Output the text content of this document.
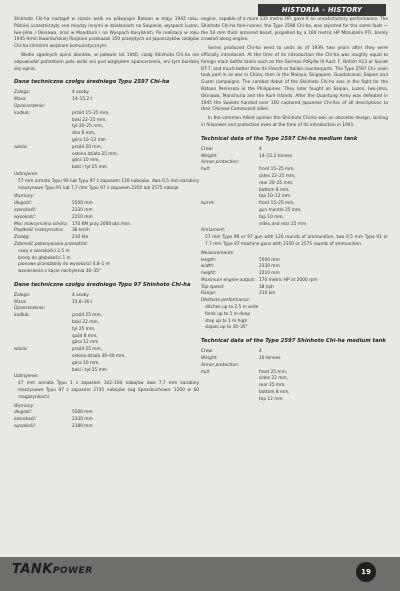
HISTORIA - HISTORY

Shinhoto Chi-ha nastąpił w czasie walk na półwyspie Bataan w maju 1942 roku. Później uczestniczyły one między innymi w działaniach na Saipanie, wyspach Luzon, Iwo-Jima i Okinawa, oraz w Mandżurii i na Wyspach Kurylskich. Po realizacji w roku 1945 Armii Kwantuńskiej Rosjanie przekazali 350 przejętych od Japończyków czołgów Chi-ha chińskim wojskom komunistycznym.

Wedle zgodnych opinii ałantów, w połowie lat 1940, czołg Shinhoto Chi-ha nie odpowiadał potrzebom pola walki ani pod względem opancerzenia, ani tym bardziej siły ognia.

Dane techniczne czołgu średniego Typu 2597 Chi-ha
Załoga:	4 osoby
Masa:	14–15,2 t
Opancerzenie:
kadłub:	przód 15–25 mm,
boki 22–25 mm,
tył 20–25 mm,
dno 8 mm,
góra 10–12 mm
wieża:	przód 20 mm,
osłona działa 25 mm,
góra 10 mm,
boki i tył 25 mm
Uzbrojenie:

57 mm armata Typu 90 lub Typu 97 z zapasem 120 nabojów, dwa 6,5 mm karabiny maszynowe Typu 91 lub 7,7 mm Typu 97 z zapasem 2350 lub 2575 naboje

Wymiary:
długość:	5500 mm
szerokość:	2330 mm
wysokość:	2210 mm
Moc maksymalna silnika: 170 KM przy 2000 obr./min.
Prędkość maksymalna:	38 km/h
Zasięg:	210 km
Zdolność pokonywania przeszkód:
rowy o szerokości 2,5 m
brody do głębokości 1 m
pionowe przeszkody do wysokości 0,8–1 m
wzniesienia o kącie nachylenia 30–35°
Dane techniczne czołgu średniego Typu 97 Shinhoto Chi-ha
Załoga:	4 osoby
Masa:	15,8–16 t
Opancerzenie:
kadłub:	przód 25 mm,
boki 22 mm,
tył 25 mm,
spód 8 mm,
góra 12 mm
wieża:	przód 25 mm,
osłona działa 30–40 mm,
góra 10 mm,
boki i tył 25 mm
Uzbrojenie:

47 mm armata Typu 1 z zapasem 102–104 nabojów dwa 7,7 mm karabiny maszynowe Typu 97 z zapasem 2745 nabojów (wg Spassbuchowa: 1200 w 60 magazynkach)

Wymiary:
długość:	5500 mm
szerokość:	2330 mm
wysokość:	2380 mm

engine, capable of a more 135 metric HP, gave it an unsatisfactory performance. The Shinhoto Chi-ha fore-runner, the Type 2598 Chi-ha, was rejected for the same fault — the 50 mm thick armored beast, propelled by a 160 metric HP Mitsubishi PTI, barely crawled along engine.

Series produced Chi-ha went to units as of 1939, two years after they were officially introduced. At the time of its introduction the Chi-ha was roughly equal to foreign main battle tanks such as the German PzKpfw III Ausf. F, British A13 or Soviet BT-7, and much better than its French or Italian counterparts. The Type 2597 Chi- soon took part in se war in China, then in the Malaya, Singapore, Guadalcanal, Saipan and Guam campaigns. The combat debut of the Shinhoto Chi-ha was in the fight for the Bataan Peninsula in the Philippines. They later fought on Saipan, Luzon, Iwo-Jima, Okinawa, Manchuria and the Kuril Islands. After the Quantung Army was defeated in 1945 the Soviets handed over 350 captured Japanese Chi-has of all descriptions to their Chinese Communist allies.

In the common Allied opinion the Shinhoto Chi-ha was an obsolete design, lacking in firepower and protection even at the time of its introduction in 1941.

Technical data of the Type 2597 Chi-ha medium tank
Crew:	4
Weight:	14–15.2 tonnes
Armor protection:
hull:	front 15–25 mm,
sides 22–25 mm,
rear 20–25 mm,
bottom 8 mm,
top 10–12 mm
turret:	front 15–25 mm,
gun mantle 25 mm,
top 10 mm,
sides and rear 25 mm
Armament:

57 mm Type 90 or 97 gun with 120 rounds of ammunition, two 6.5 mm Type 91 or 7.7 mm Type 97 machine guns with 2350 or 2575 rounds of ammunition

Measurements:
length:	5500 mm
width:	2330 mm
height:	2210 mm
Maximum engine output: 170 metric HP at 2000 rpm
Top speed:	38 kph
Range:	210 km
Obstacle performance:
ditches up to 2.5 m wide
fords up to 1 m deep
step up to 1 m high
slopes up to 30–35°
Technical data of the Type 2597 Shinhoto Chi-ha medium tank
Crew:	4
Weight:	16 tonnes
Armor protection:
hull:	front 25 mm,
sides 22 mm,
rear 25 mm,
bottom 8 mm,
top 12 mm
TANKPOWER	19
